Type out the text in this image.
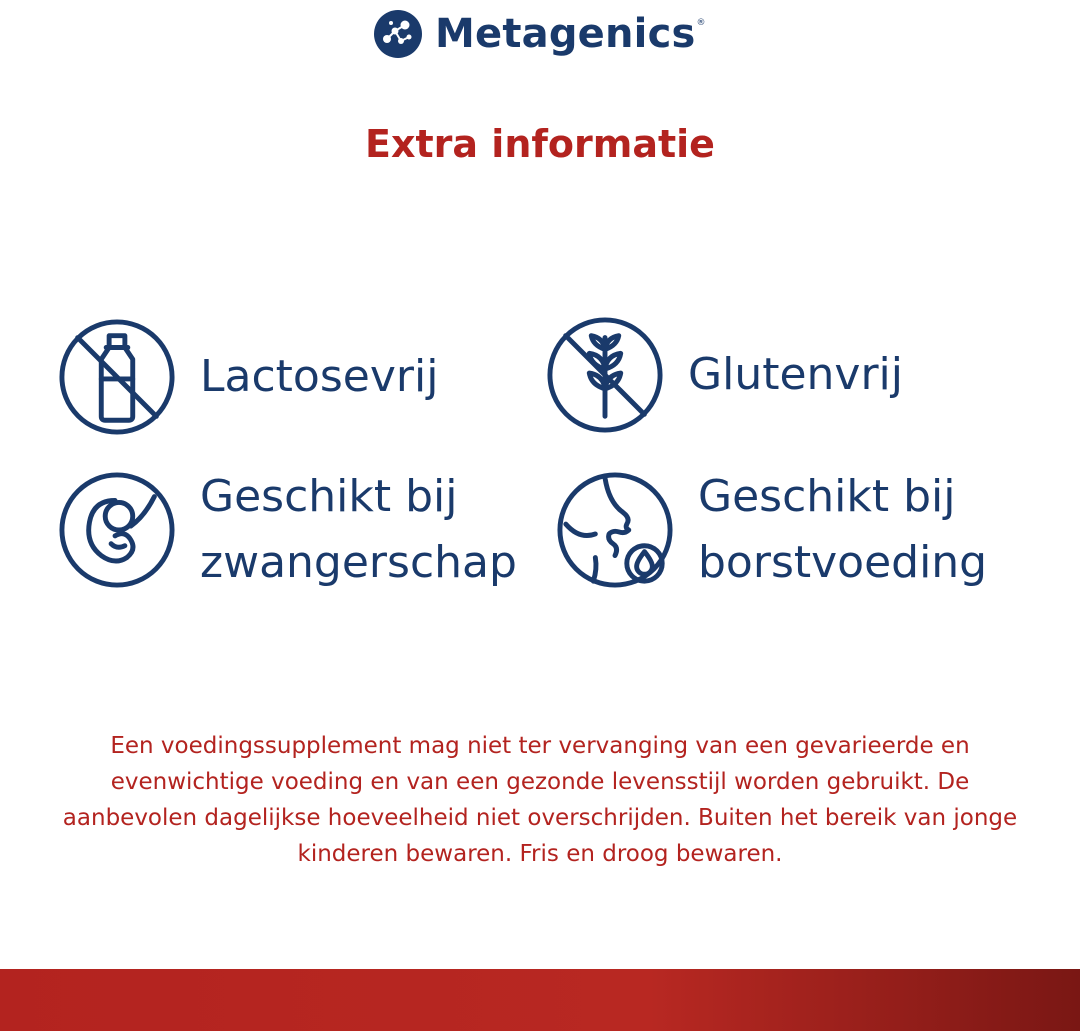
Metagenics ®
Extra informatie
Lactosevrij	Glutenvrij
Geschikt bij
zwangerschap
Geschikt bij
borstvoeding
Een voedingssupplement mag niet ter vervanging van een gevarieerde en evenwichtige voeding en van een gezonde levensstijl worden gebruikt. De aanbevolen dagelijkse hoeveelheid niet overschrijden. Buiten het bereik van jonge kinderen bewaren. Fris en droog bewaren.
